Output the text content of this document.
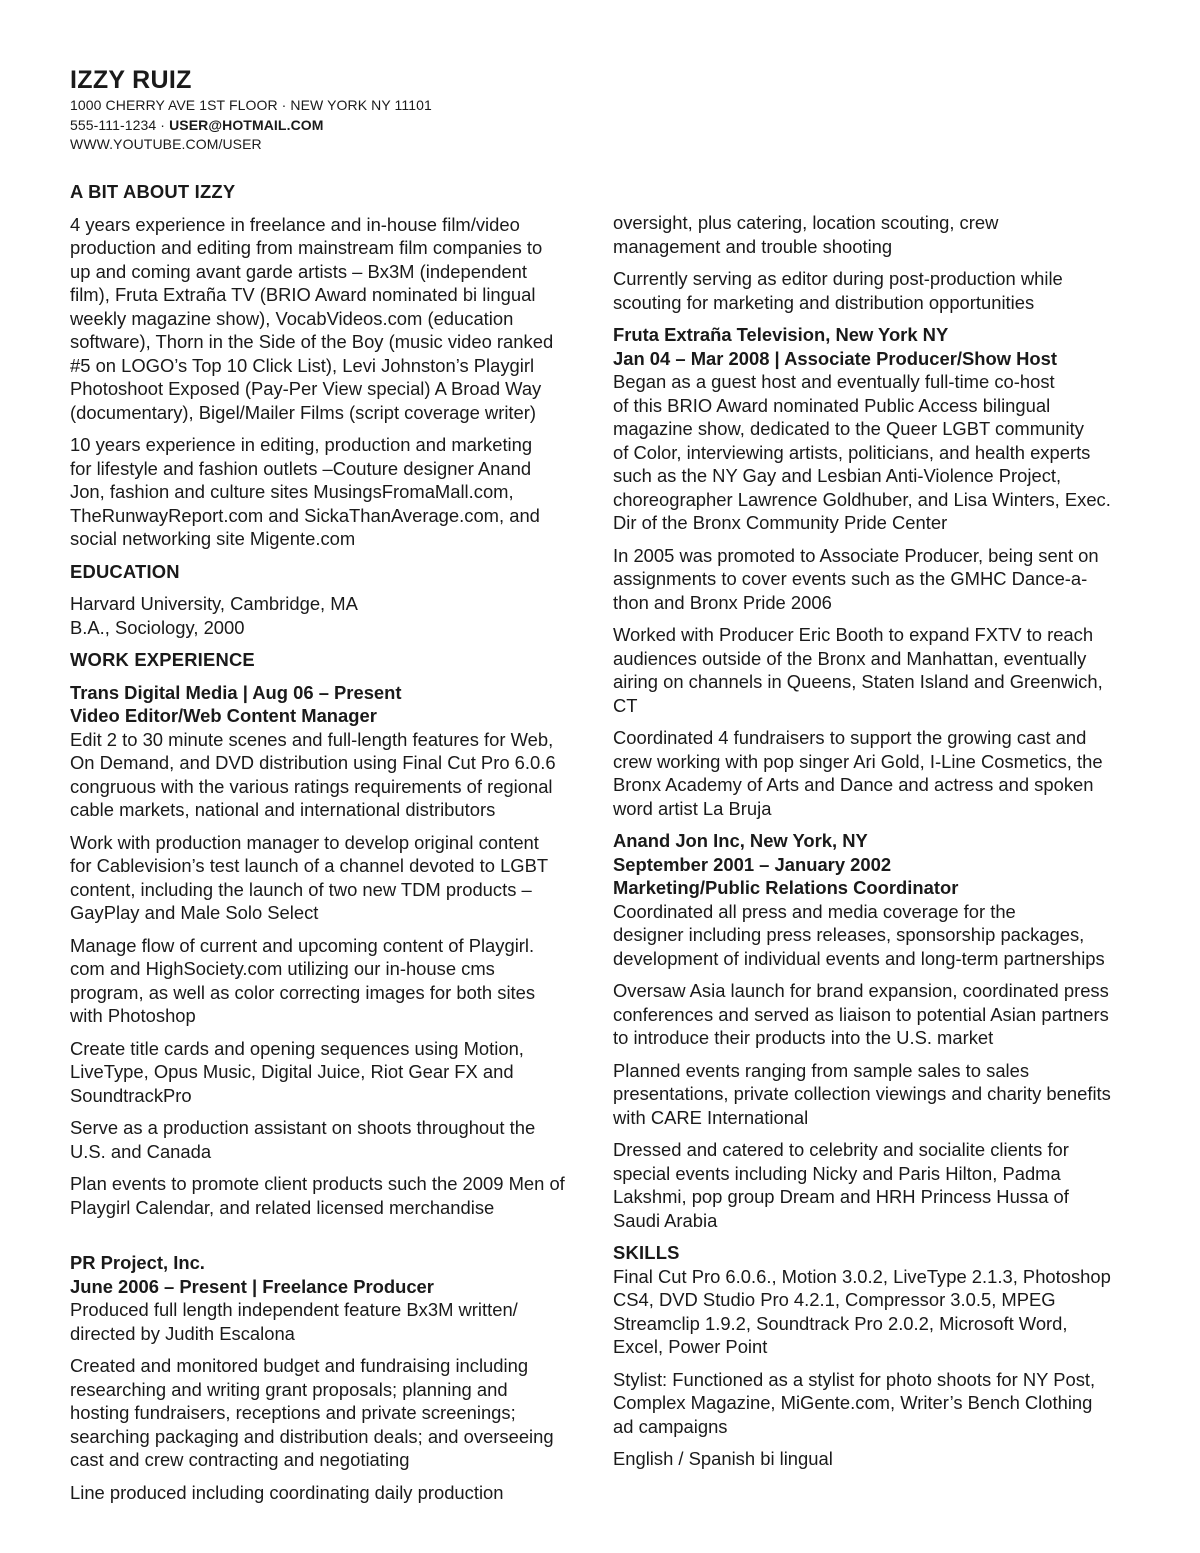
IZZY RUIZ
1000 CHERRY AVE 1ST FLOOR · NEW YORK NY 11101
555-111-1234 · USER@HOTMAIL.COM
WWW.YOUTUBE.COM/USER
A BIT ABOUT IZZY

4 years experience in freelance and in-house film/video
production and editing from mainstream film companies to
up and coming avant garde artists – Bx3M (independent
film), Fruta Extraña TV (BRIO Award nominated bi lingual
weekly magazine show), VocabVideos.com (education
software), Thorn in the Side of the Boy (music video ranked
#5 on LOGO’s Top 10 Click List), Levi Johnston’s Playgirl
Photoshoot Exposed (Pay-Per View special) A Broad Way
(documentary), Bigel/Mailer Films (script coverage writer)

10 years experience in editing, production and marketing
for lifestyle and fashion outlets –Couture designer Anand
Jon, fashion and culture sites MusingsFromaMall.com,
TheRunwayReport.com and SickaThanAverage.com, and
social networking site Migente.com

EDUCATION

Harvard University, Cambridge, MA
B.A., Sociology, 2000

WORK EXPERIENCE

Trans Digital Media | Aug 06 – Present
Video Editor/Web Content Manager

Edit 2 to 30 minute scenes and full-length features for Web,
On Demand, and DVD distribution using Final Cut Pro 6.0.6
congruous with the various ratings requirements of regional
cable markets, national and international distributors

Work with production manager to develop original content
for Cablevision’s test launch of a channel devoted to LGBT
content, including the launch of two new TDM products –
GayPlay and Male Solo Select

Manage flow of current and upcoming content of Playgirl.
com and HighSociety.com utilizing our in-house cms
program, as well as color correcting images for both sites
with Photoshop

Create title cards and opening sequences using Motion,
LiveType, Opus Music, Digital Juice, Riot Gear FX and
SoundtrackPro

Serve as a production assistant on shoots throughout the
U.S. and Canada

Plan events to promote client products such the 2009 Men of
Playgirl Calendar, and related licensed merchandise

PR Project, Inc.
June 2006 – Present | Freelance Producer

Produced full length independent feature Bx3M written/
directed by Judith Escalona

Created and monitored budget and fundraising including
researching and writing grant proposals; planning and
hosting fundraisers, receptions and private screenings;
searching packaging and distribution deals; and overseeing
cast and crew contracting and negotiating

Line produced including coordinating daily production

oversight, plus catering, location scouting, crew
management and trouble shooting

Currently serving as editor during post-production while
scouting for marketing and distribution opportunities

Fruta Extraña Television, New York NY
Jan 04 – Mar 2008 | Associate Producer/Show Host

Began as a guest host and eventually full-time co-host
of this BRIO Award nominated Public Access bilingual
magazine show, dedicated to the Queer LGBT community
of Color, interviewing artists, politicians, and health experts
such as the NY Gay and Lesbian Anti-Violence Project,
choreographer Lawrence Goldhuber, and Lisa Winters, Exec.
Dir of the Bronx Community Pride Center

In 2005 was promoted to Associate Producer, being sent on
assignments to cover events such as the GMHC Dance-a-
thon and Bronx Pride 2006

Worked with Producer Eric Booth to expand FXTV to reach
audiences outside of the Bronx and Manhattan, eventually
airing on channels in Queens, Staten Island and Greenwich,
CT

Coordinated 4 fundraisers to support the growing cast and
crew working with pop singer Ari Gold, I-Line Cosmetics, the
Bronx Academy of Arts and Dance and actress and spoken
word artist La Bruja

Anand Jon Inc, New York, NY
September 2001 – January 2002
Marketing/Public Relations Coordinator

Coordinated all press and media coverage for the
designer including press releases, sponsorship packages,
development of individual events and long-term partnerships

Oversaw Asia launch for brand expansion, coordinated press
conferences and served as liaison to potential Asian partners
to introduce their products into the U.S. market

Planned events ranging from sample sales to sales
presentations, private collection viewings and charity benefits
with CARE International

Dressed and catered to celebrity and socialite clients for
special events including Nicky and Paris Hilton, Padma
Lakshmi, pop group Dream and HRH Princess Hussa of
Saudi Arabia

SKILLS

Final Cut Pro 6.0.6., Motion 3.0.2, LiveType 2.1.3, Photoshop
CS4, DVD Studio Pro 4.2.1, Compressor 3.0.5, MPEG
Streamclip 1.9.2, Soundtrack Pro 2.0.2, Microsoft Word,
Excel, Power Point

Stylist: Functioned as a stylist for photo shoots for NY Post,
Complex Magazine, MiGente.com, Writer’s Bench Clothing
ad campaigns

English / Spanish bi lingual
